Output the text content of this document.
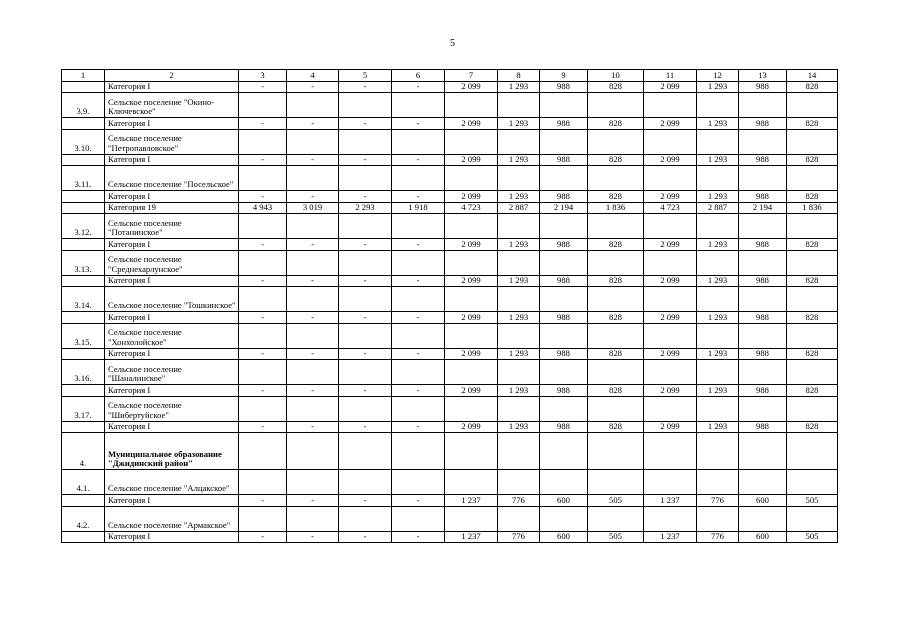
5
1	2	3	4	5	6	7	8	9	10	11	12	13	14
	Категория I	-	-	-	-	2 099	1 293	988	828	2 099	1 293	988	828
3.9.	Сельское поселение "Окино-Ключевское"												
	Категория I	-	-	-	-	2 099	1 293	988	828	2 099	1 293	988	828
3.10.	Сельское поселение "Петропавловское"												
	Категория I	-	-	-	-	2 099	1 293	988	828	2 099	1 293	988	828
3.11.	Сельское поселение "Посельское"												
	Категория I	-	-	-	-	2 099	1 293	988	828	2 099	1 293	988	828
	Категория 19	4 943	3 019	2 293	1 918	4 723	2 887	2 194	1 836	4 723	2 887	2 194	1 836
3.12.	Сельское поселение "Потанинское"												
	Категория I	-	-	-	-	2 099	1 293	988	828	2 099	1 293	988	828
3.13.	Сельское поселение "Среднехарлунское"												
	Категория I	-	-	-	-	2 099	1 293	988	828	2 099	1 293	988	828
3.14.	Сельское поселение "Тошкинское"												
	Категория I	-	-	-	-	2 099	1 293	988	828	2 099	1 293	988	828
3.15.	Сельское поселение "Хонхолойское"												
	Категория I	-	-	-	-	2 099	1 293	988	828	2 099	1 293	988	828
3.16.	Сельское поселение "Шаналинское"												
	Категория I	-	-	-	-	2 099	1 293	988	828	2 099	1 293	988	828
3.17.	Сельское поселение "Шибертуйское"												
	Категория I	-	-	-	-	2 099	1 293	988	828	2 099	1 293	988	828
4.	Муниципальное образование "Джидинский район"												
4.1.	Сельское поселение "Алцакское"												
	Категория I	-	-	-	-	1 237	776	600	505	1 237	776	600	505
4.2.	Сельское поселение "Армакское"												
	Категория I	-	-	-	-	1 237	776	600	505	1 237	776	600	505
